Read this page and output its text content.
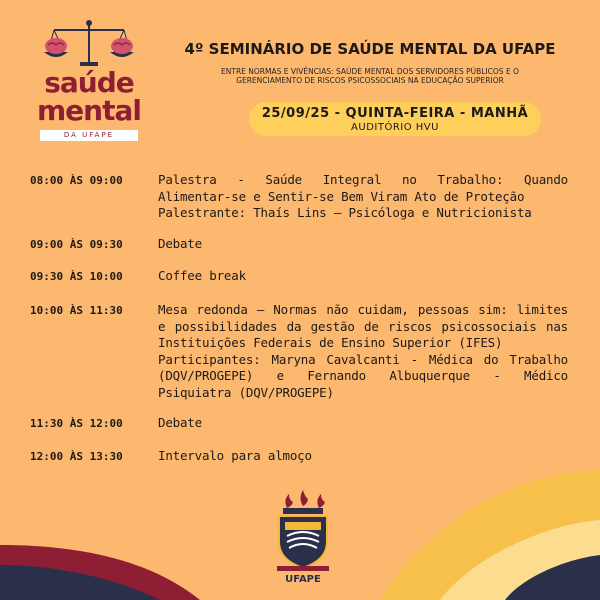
saúde
mental
DA UFAPE
4º SEMINÁRIO DE SAÚDE MENTAL DA UFAPE
ENTRE NORMAS E VIVÊNCIAS: SAÚDE MENTAL DOS SERVIDORES PÚBLICOS E O
GERENCIAMENTO DE RISCOS PSICOSSOCIAIS NA EDUCAÇÃO SUPERIOR
25/09/25 - QUINTA-FEIRA - MANHÃ
AUDITÓRIO HVU
08:00 ÀS 09:00	Palestra - Saúde Integral no Trabalho: Quando Alimentar-se e Sentir-se Bem Viram Ato de Proteção

Palestrante: Thaís Lins – Psicóloga e Nutricionista

09:00 ÀS 09:30	Debate

09:30 ÀS 10:00	Coffee break

10:00 ÀS 11:30	Mesa redonda – Normas não cuidam, pessoas sim: limites e possibilidades da gestão de riscos psicossociais nas Instituições Federais de Ensino Superior (IFES)

Participantes: Maryna Cavalcanti - Médica do Trabalho (DQV/PROGEPE) e Fernando Albuquerque - Médico Psiquiatra (DQV/PROGEPE)

11:30 ÀS 12:00	Debate

12:00 ÀS 13:30	Intervalo para almoço

UFAPE
